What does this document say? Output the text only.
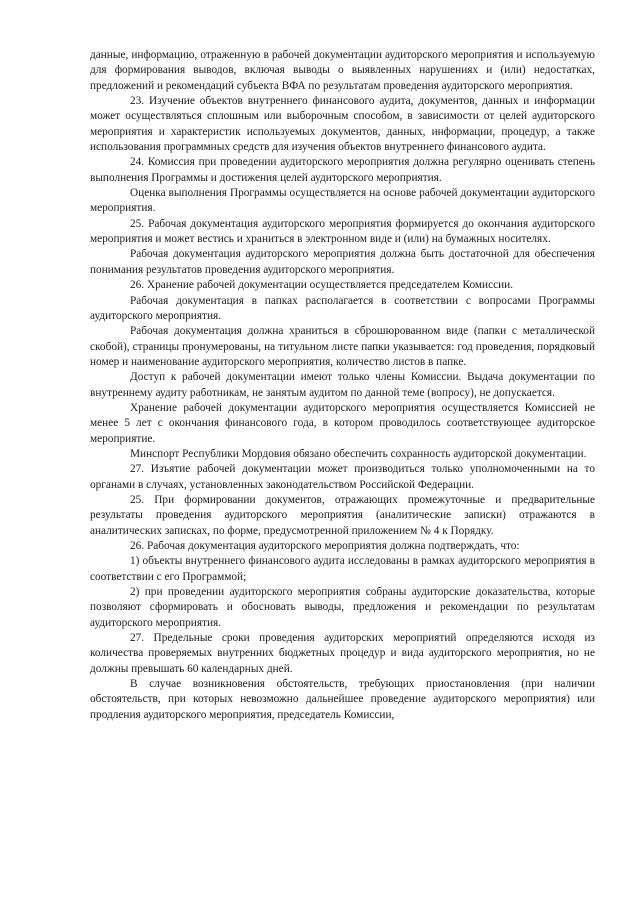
данные, информацию, отраженную в рабочей документации аудиторского мероприятия и используемую для формирования выводов, включая выводы о выявленных нарушениях и (или) недостатках, предложений и рекомендаций субъекта ВФА по результатам проведения аудиторского мероприятия.

23. Изучение объектов внутреннего финансового аудита, документов, данных и информации может осуществляться сплошным или выборочным способом, в зависимости от целей аудиторского мероприятия и характеристик используемых документов, данных, информации, процедур, а также использования программных средств для изучения объектов внутреннего финансового аудита.

24. Комиссия при проведении аудиторского мероприятия должна регулярно оценивать степень выполнения Программы и достижения целей аудиторского мероприятия.

Оценка выполнения Программы осуществляется на основе рабочей документации аудиторского мероприятия.

25. Рабочая документация аудиторского мероприятия формируется до окончания аудиторского мероприятия и может вестись и храниться в электронном виде и (или) на бумажных носителях.

Рабочая документация аудиторского мероприятия должна быть достаточной для обеспечения понимания результатов проведения аудиторского мероприятия.

26. Хранение рабочей документации осуществляется председателем Комиссии.

Рабочая документация в папках располагается в соответствии с вопросами Программы аудиторского мероприятия.

Рабочая документация должна храниться в сброшюрованном виде (папки с металлической скобой), страницы пронумерованы, на титульном листе папки указывается: год проведения, порядковый номер и наименование аудиторского мероприятия, количество листов в папке.

Доступ к рабочей документации имеют только члены Комиссии. Выдача документации по внутреннему аудиту работникам, не занятым аудитом по данной теме (вопросу), не допускается.

Хранение рабочей документации аудиторского мероприятия осуществляется Комиссией не менее 5 лет с окончания финансового года, в котором проводилось соответствующее аудиторское мероприятие.

Минспорт Республики Мордовия обязано обеспечить сохранность аудиторской документации.

27. Изъятие рабочей документации может производиться только уполномоченными на то органами в случаях, установленных законодательством Российской Федерации.

25. При формировании документов, отражающих промежуточные и предварительные результаты проведения аудиторского мероприятия (аналитические записки) отражаются в аналитических записках, по форме, предусмотренной приложением № 4 к Порядку.

26. Рабочая документация аудиторского мероприятия должна подтверждать, что:

1) объекты внутреннего финансового аудита исследованы в рамках аудиторского мероприятия в соответствии с его Программой;

2) при проведении аудиторского мероприятия собраны аудиторские доказательства, которые позволяют сформировать и обосновать выводы, предложения и рекомендации по результатам аудиторского мероприятия.

27. Предельные сроки проведения аудиторских мероприятий определяются исходя из количества проверяемых внутренних бюджетных процедур и вида аудиторского мероприятия, но не должны превышать 60 календарных дней.

В случае возникновения обстоятельств, требующих приостановления (при наличии обстоятельств, при которых невозможно дальнейшее проведение аудиторского мероприятия) или продления аудиторского мероприятия, председатель Комиссии,
